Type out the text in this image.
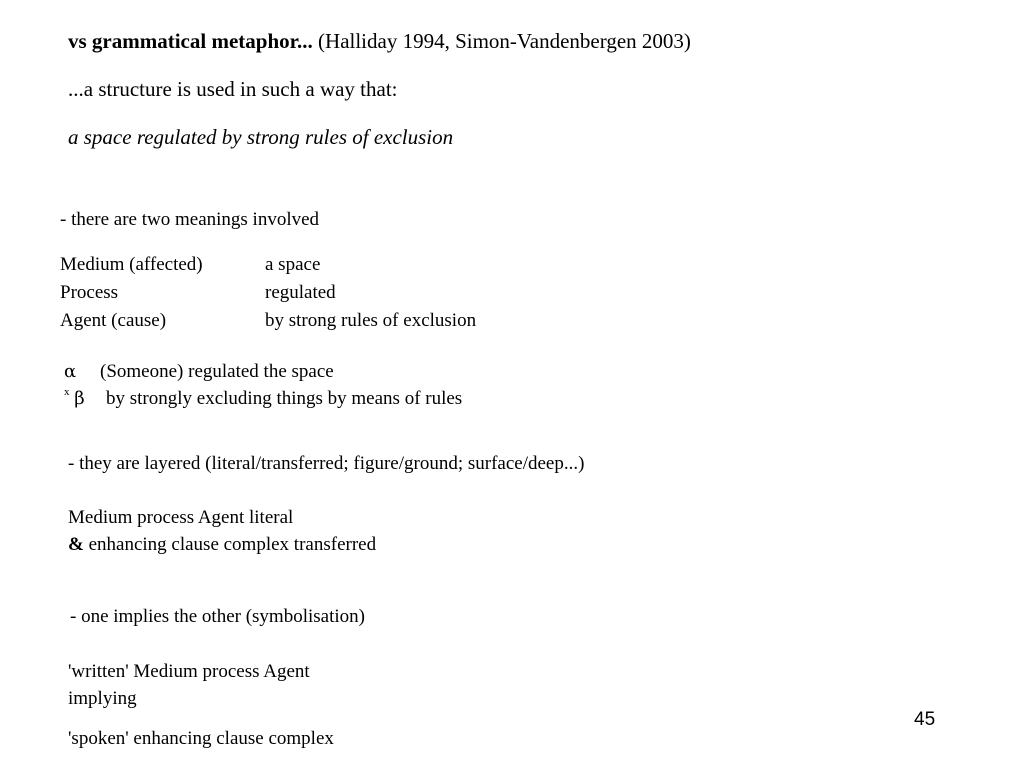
vs grammatical metaphor... (Halliday 1994, Simon-Vandenbergen 2003)
...a structure is used in such a way that:
a space regulated by strong rules of exclusion
- there are two meanings involved
Medium (affected)	a space
Process	regulated
Agent (cause)	by strong rules of exclusion
α (Someone) regulated the space
$^x$ β by strongly excluding things by means of rules
- they are layered (literal/transferred; figure/ground; surface/deep...)
Medium process Agent literal
& enhancing clause complex transferred
- one implies the other (symbolisation)
'written' Medium process Agent
implying
'spoken' enhancing clause complex
45
